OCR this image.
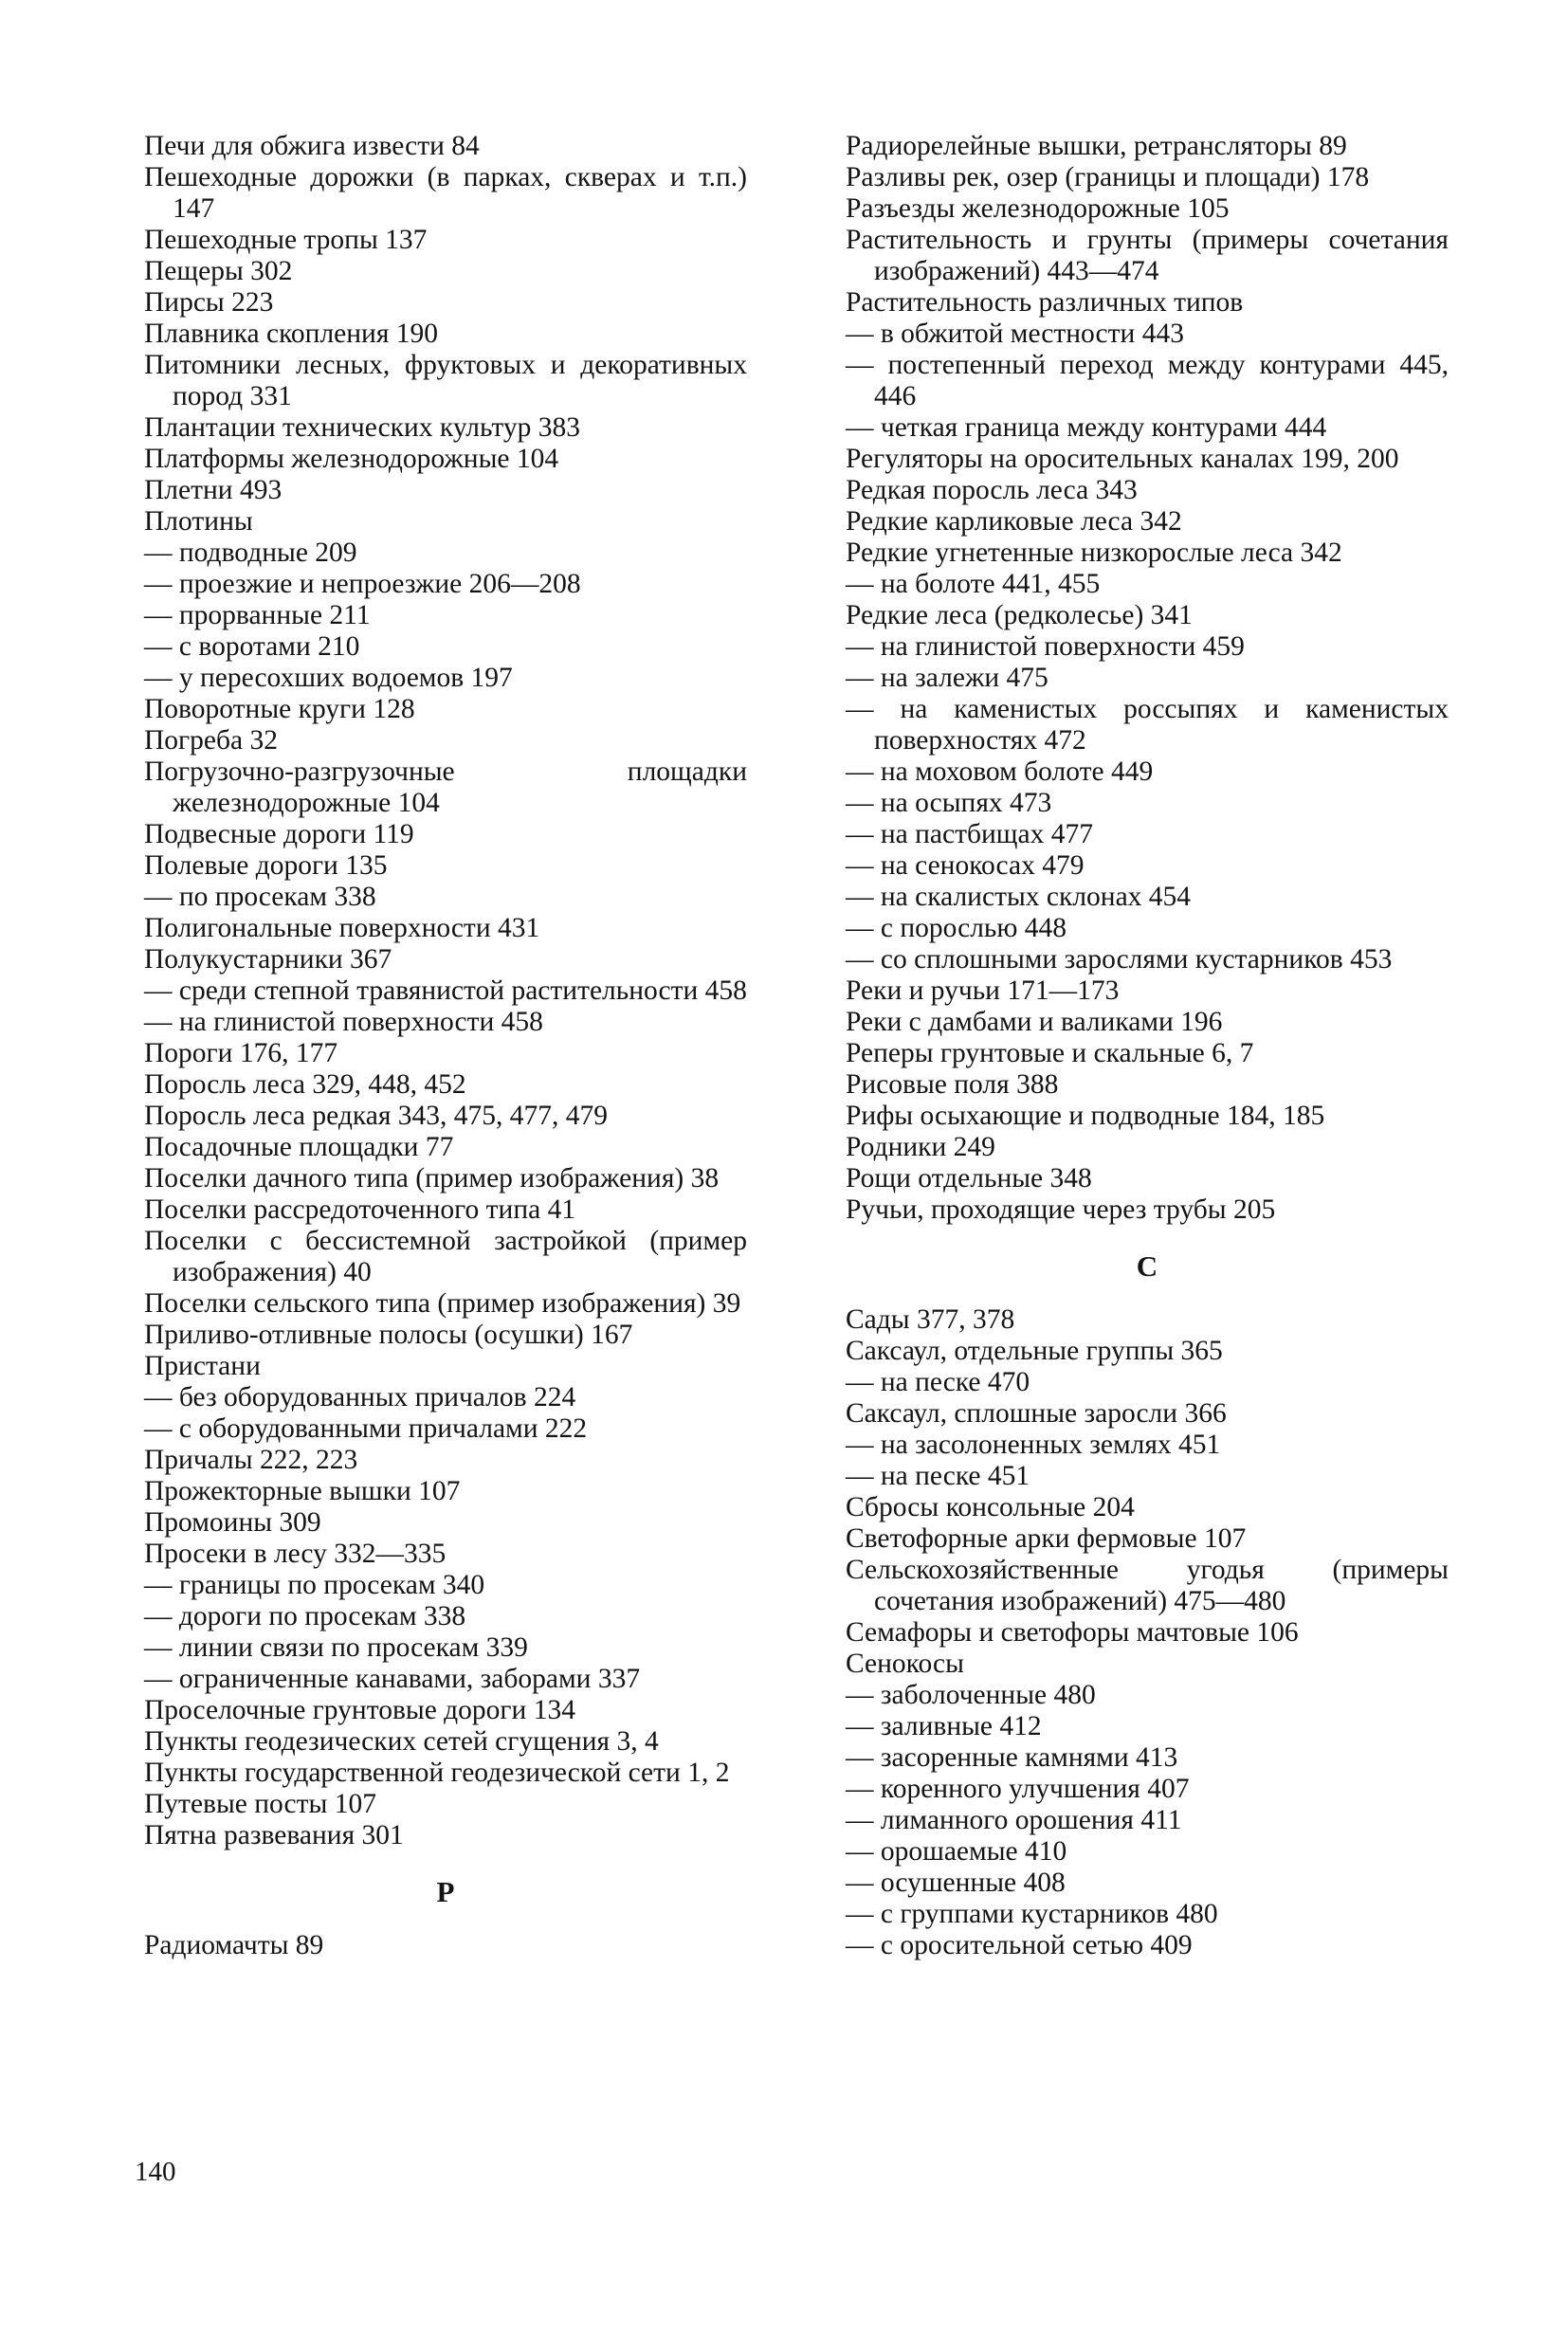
Печи для обжига извести 84
Пешеходные дорожки (в парках, скверах и т.п.) 147
Пешеходные тропы 137
Пещеры 302
Пирсы 223
Плавника скопления 190
Питомники лесных, фруктовых и декоративных пород 331
Плантации технических культур 383
Платформы железнодорожные 104
Плетни 493
Плотины
— подводные 209
— проезжие и непроезжие 206—208
— прорванные 211
— с воротами 210
— у пересохших водоемов 197
Поворотные круги 128
Погреба 32
Погрузочно-разгрузочные площадки железнодорожные 104
Подвесные дороги 119
Полевые дороги 135
— по просекам 338
Полигональные поверхности 431
Полукустарники 367
— среди степной травянистой растительности 458
— на глинистой поверхности 458
Пороги 176, 177
Поросль леса 329, 448, 452
Поросль леса редкая 343, 475, 477, 479
Посадочные площадки 77
Поселки дачного типа (пример изображения) 38
Поселки рассредоточенного типа 41
Поселки с бессистемной застройкой (пример изображения) 40
Поселки сельского типа (пример изображения) 39
Приливо-отливные полосы (осушки) 167
Пристани
— без оборудованных причалов 224
— с оборудованными причалами 222
Причалы 222, 223
Прожекторные вышки 107
Промоины 309
Просеки в лесу 332—335
— границы по просекам 340
— дороги по просекам 338
— линии связи по просекам 339
— ограниченные канавами, заборами 337
Проселочные грунтовые дороги 134
Пункты геодезических сетей сгущения 3, 4
Пункты государственной геодезической сети 1, 2
Путевые посты 107
Пятна развевания 301
Р
Радиомачты 89
Радиорелейные вышки, ретрансляторы 89
Разливы рек, озер (границы и площади) 178
Разъезды железнодорожные 105
Растительность и грунты (примеры сочетания изображений) 443—474
Растительность различных типов
— в обжитой местности 443
— постепенный переход между контурами 445, 446
— четкая граница между контурами 444
Регуляторы на оросительных каналах 199, 200
Редкая поросль леса 343
Редкие карликовые леса 342
Редкие угнетенные низкорослые леса 342
— на болоте 441, 455
Редкие леса (редколесье) 341
— на глинистой поверхности 459
— на залежи 475
— на каменистых россыпях и каменистых поверхностях 472
— на моховом болоте 449
— на осыпях 473
— на пастбищах 477
— на сенокосах 479
— на скалистых склонах 454
— с порослью 448
— со сплошными зарослями кустарников 453
Реки и ручьи 171—173
Реки с дамбами и валиками 196
Реперы грунтовые и скальные 6, 7
Рисовые поля 388
Рифы осыхающие и подводные 184, 185
Родники 249
Рощи отдельные 348
Ручьи, проходящие через трубы 205
С
Сады 377, 378
Саксаул, отдельные группы 365
— на песке 470
Саксаул, сплошные заросли 366
— на засолоненных землях 451
— на песке 451
Сбросы консольные 204
Светофорные арки фермовые 107
Сельскохозяйственные угодья (примеры сочетания изображений) 475—480
Семафоры и светофоры мачтовые 106
Сенокосы
— заболоченные 480
— заливные 412
— засоренные камнями 413
— коренного улучшения 407
— лиманного орошения 411
— орошаемые 410
— осушенные 408
— с группами кустарников 480
— с оросительной сетью 409
140
